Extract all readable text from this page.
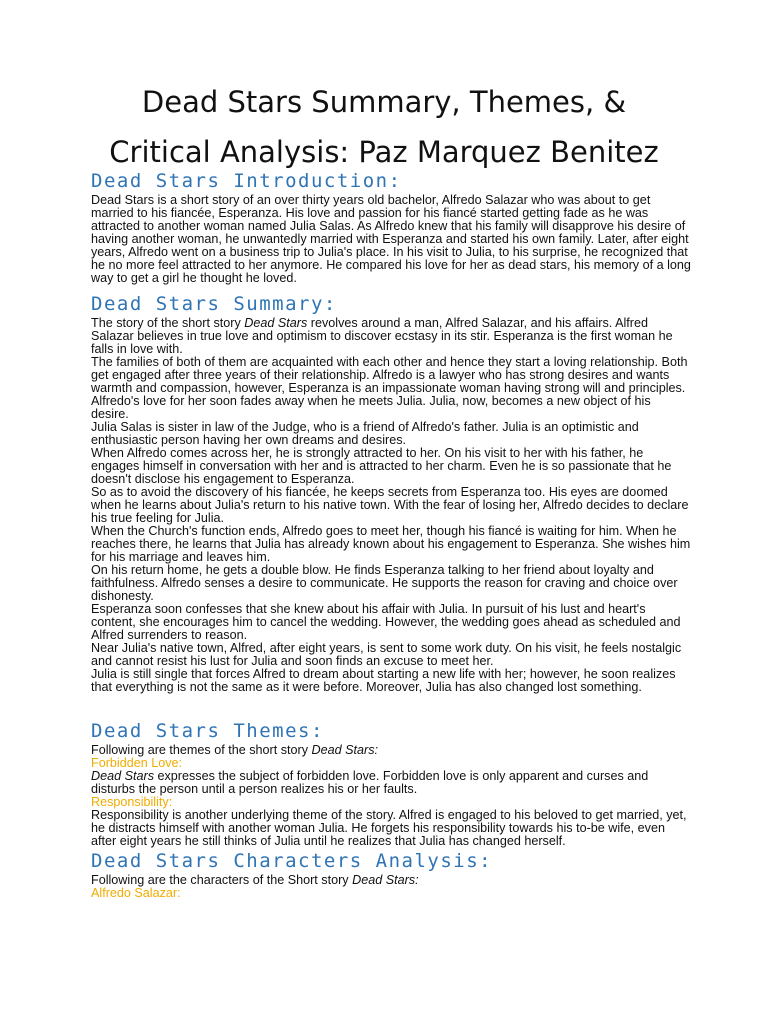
Dead Stars Summary, Themes, &
Critical Analysis: Paz Marquez Benitez
Dead Stars Introduction:

Dead Stars is a short story of an over thirty years old bachelor, Alfredo Salazar who was about to get married to his fiancée, Esperanza. His love and passion for his fiancé started getting fade as he was attracted to another woman named Julia Salas. As Alfredo knew that his family will disapprove his desire of having another woman, he unwantedly married with Esperanza and started his own family. Later, after eight years, Alfredo went on a business trip to Julia's place. In his visit to Julia, to his surprise, he recognized that he no more feel attracted to her anymore. He compared his love for her as dead stars, his memory of a long way to get a girl he thought he loved.

Dead Stars Summary:

The story of the short story Dead Stars revolves around a man, Alfred Salazar, and his affairs. Alfred Salazar believes in true love and optimism to discover ecstasy in its stir. Esperanza is the first woman he falls in love with.

The families of both of them are acquainted with each other and hence they start a loving relationship. Both get engaged after three years of their relationship. Alfredo is a lawyer who has strong desires and wants warmth and compassion, however, Esperanza is an impassionate woman having strong will and principles. Alfredo's love for her soon fades away when he meets Julia. Julia, now, becomes a new object of his desire.

Julia Salas is sister in law of the Judge, who is a friend of Alfredo's father. Julia is an optimistic and enthusiastic person having her own dreams and desires.

When Alfredo comes across her, he is strongly attracted to her. On his visit to her with his father, he engages himself in conversation with her and is attracted to her charm. Even he is so passionate that he doesn't disclose his engagement to Esperanza.

So as to avoid the discovery of his fiancée, he keeps secrets from Esperanza too. His eyes are doomed when he learns about Julia's return to his native town. With the fear of losing her, Alfredo decides to declare his true feeling for Julia.

When the Church's function ends, Alfredo goes to meet her, though his fiancé is waiting for him. When he reaches there, he learns that Julia has already known about his engagement to Esperanza. She wishes him for his marriage and leaves him.

On his return home, he gets a double blow. He finds Esperanza talking to her friend about loyalty and faithfulness. Alfredo senses a desire to communicate. He supports the reason for craving and choice over dishonesty.

Esperanza soon confesses that she knew about his affair with Julia. In pursuit of his lust and heart's content, she encourages him to cancel the wedding. However, the wedding goes ahead as scheduled and Alfred surrenders to reason.

Near Julia's native town, Alfred, after eight years, is sent to some work duty. On his visit, he feels nostalgic and cannot resist his lust for Julia and soon finds an excuse to meet her.

Julia is still single that forces Alfred to dream about starting a new life with her; however, he soon realizes that everything is not the same as it were before. Moreover, Julia has also changed lost something.

Dead Stars Themes:

Following are themes of the short story Dead Stars:

Forbidden Love:

Dead Stars expresses the subject of forbidden love. Forbidden love is only apparent and curses and disturbs the person until a person realizes his or her faults.

Responsibility:

Responsibility is another underlying theme of the story. Alfred is engaged to his beloved to get married, yet, he distracts himself with another woman Julia. He forgets his responsibility towards his to-be wife, even after eight years he still thinks of Julia until he realizes that Julia has changed herself.

Dead Stars Characters Analysis:

Following are the characters of the Short story Dead Stars:

Alfredo Salazar:
